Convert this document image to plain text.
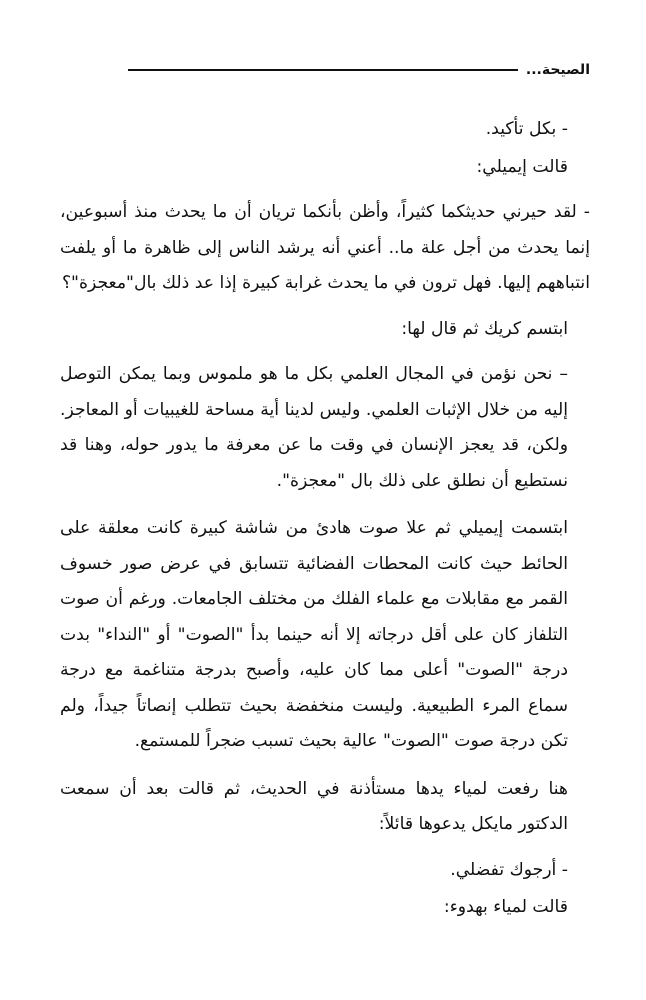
الصيحة...

- بكل تأكيد.

قالت إيميلي:

- لقد حيرني حديثكما كثيراً، وأظن بأنكما تريان أن ما يحدث منذ أسبوعين، إنما يحدث من أجل علة ما.. أعني أنه يرشد الناس إلى ظاهرة ما أو يلفت انتباههم إليها. فهل ترون في ما يحدث غرابة كبيرة إذا عد ذلك بال"معجزة"؟

ابتسم كريك ثم قال لها:

– نحن نؤمن في المجال العلمي بكل ما هو ملموس وبما يمكن التوصل إليه من خلال الإثبات العلمي. وليس لدينا أية مساحة للغيبيات أو المعاجز. ولكن، قد يعجز الإنسان في وقت ما عن معرفة ما يدور حوله، وهنا قد نستطيع أن نطلق على ذلك بال "معجزة".

ابتسمت إيميلي ثم علا صوت هادئ من شاشة كبيرة كانت معلقة على الحائط حيث كانت المحطات الفضائية تتسابق في عرض صور خسوف القمر مع مقابلات مع علماء الفلك من مختلف الجامعات. ورغم أن صوت التلفاز كان على أقل درجاته إلا أنه حينما بدأ "الصوت" أو "النداء" بدت درجة "الصوت" أعلى مما كان عليه، وأصبح بدرجة متناغمة مع درجة سماع المرء الطبيعية. وليست منخفضة بحيث تتطلب إنصاتاً جيداً، ولم تكن درجة صوت "الصوت" عالية بحيث تسبب ضجراً للمستمع.

هنا رفعت لمياء يدها مستأذنة في الحديث، ثم قالت بعد أن سمعت الدكتور مايكل يدعوها قائلاً:

- أرجوك تفضلي.

قالت لمياء بهدوء:
